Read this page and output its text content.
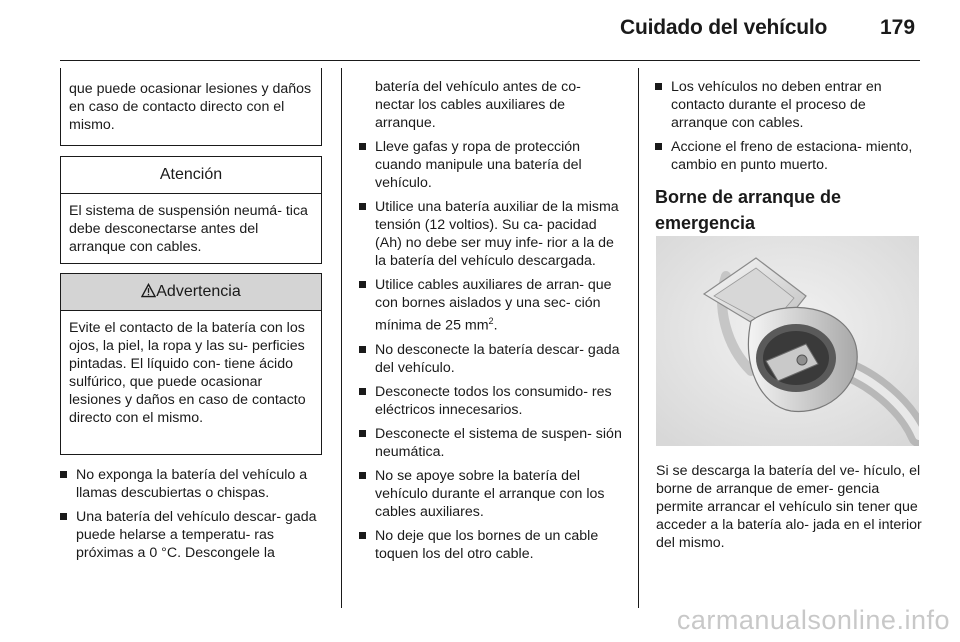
Cuidado del vehículo	179
que puede ocasionar lesiones y daños en caso de contacto directo con el mismo.
Atención
El sistema de suspensión neumá- tica debe desconectarse antes del arranque con cables.
Advertencia
Evite el contacto de la batería con los ojos, la piel, la ropa y las su- perficies pintadas. El líquido con- tiene ácido sulfúrico, que puede ocasionar lesiones y daños en caso de contacto directo con el mismo.
No exponga la batería del vehículo a llamas descubiertas o chispas.
Una batería del vehículo descar- gada puede helarse a temperatu- ras próximas a 0 °C. Descongele la
batería del vehículo antes de co- nectar los cables auxiliares de arranque.
Lleve gafas y ropa de protección cuando manipule una batería del vehículo.
Utilice una batería auxiliar de la misma tensión (12 voltios). Su ca- pacidad (Ah) no debe ser muy infe- rior a la de la batería del vehículo descargada.
Utilice cables auxiliares de arran- que con bornes aislados y una sec- ción mínima de 25 $mm^2$.
No desconecte la batería descar- gada del vehículo.
Desconecte todos los consumido- res eléctricos innecesarios.
Desconecte el sistema de suspen- sión neumática.
No se apoye sobre la batería del vehículo durante el arranque con los cables auxiliares.
No deje que los bornes de un cable toquen los del otro cable.
Los vehículos no deben entrar en contacto durante el proceso de arranque con cables.
Accione el freno de estaciona- miento, cambio en punto muerto.
Borne de arranque de emergencia
Si se descarga la batería del ve- hículo, el borne de arranque de emer- gencia permite arrancar el vehículo sin tener que acceder a la batería alo- jada en el interior del mismo.
carmanualsonline.info
